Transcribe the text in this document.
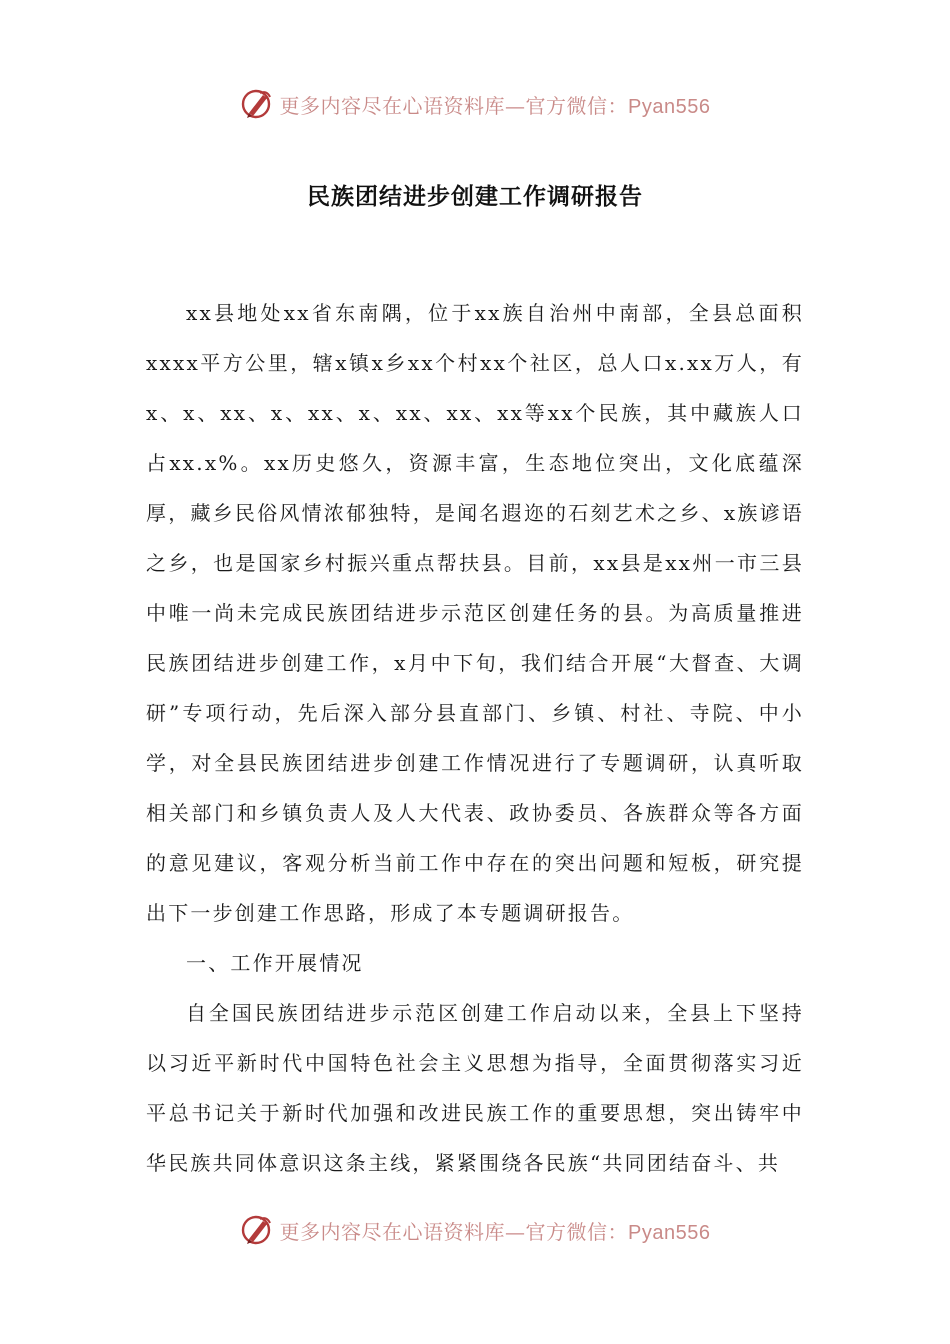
更多内容尽在心语资料库—官方微信：Pyan556
民族团结进步创建工作调研报告

xx县地处xx省东南隅，位于xx族自治州中南部，全县总面积xxxx平方公里，辖x镇x乡xx个村xx个社区，总人口x.xx万人，有x、x、xx、x、xx、x、xx、xx、xx等xx个民族，其中藏族人口占xx.x%。xx历史悠久，资源丰富，生态地位突出，文化底蕴深厚，藏乡民俗风情浓郁独特，是闻名遐迩的石刻艺术之乡、x族谚语之乡，也是国家乡村振兴重点帮扶县。目前，xx县是xx州一市三县中唯一尚未完成民族团结进步示范区创建任务的县。为高质量推进民族团结进步创建工作，x月中下旬，我们结合开展“大督查、大调研”专项行动，先后深入部分县直部门、乡镇、村社、寺院、中小学，对全县民族团结进步创建工作情况进行了专题调研，认真听取相关部门和乡镇负责人及人大代表、政协委员、各族群众等各方面的意见建议，客观分析当前工作中存在的突出问题和短板，研究提出下一步创建工作思路，形成了本专题调研报告。

一、工作开展情况

自全国民族团结进步示范区创建工作启动以来，全县上下坚持以习近平新时代中国特色社会主义思想为指导，全面贯彻落实习近平总书记关于新时代加强和改进民族工作的重要思想，突出铸牢中华民族共同体意识这条主线，紧紧围绕各民族“共同团结奋斗、共

更多内容尽在心语资料库—官方微信：Pyan556
